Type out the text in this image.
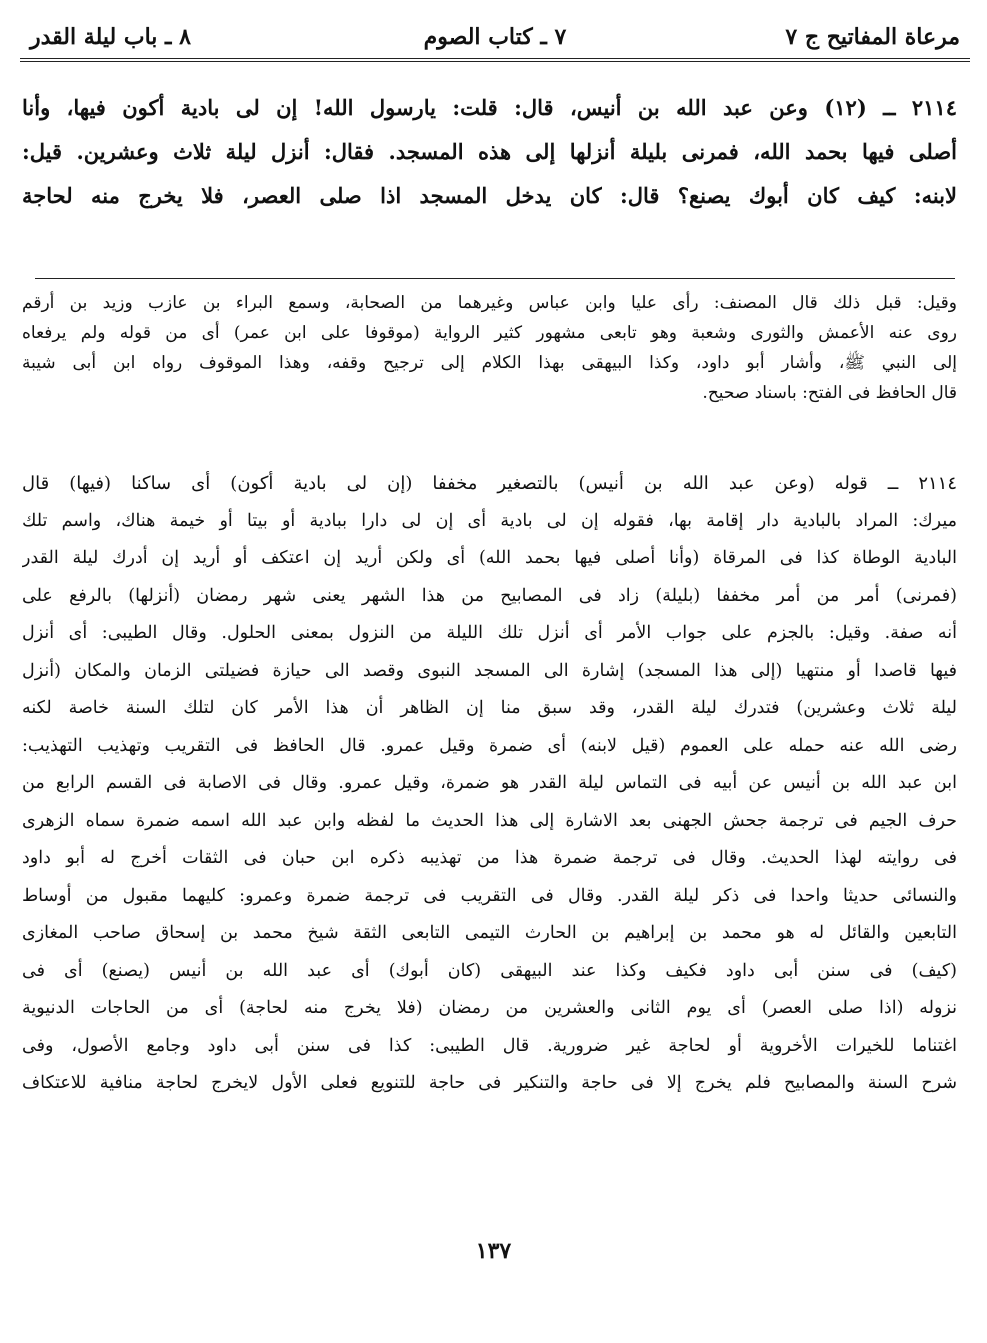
مرعاة المفاتيح ج ٧
٧ ـ كتاب الصوم
٨ ـ باب ليلة القدر

٢١١٤ ــ (١٢) وعن عبد الله بن أنيس، قال: قلت: يارسول الله! إن لى بادية أكون فيها، وأنا

أصلى فيها بحمد الله، فمرنى بليلة أنزلها إلى هذه المسجد. فقال: أنزل ليلة ثلاث وعشرين. قيل:

لابنه: كيف كان أبوك يصنع؟ قال: كان يدخل المسجد اذا صلى العصر، فلا يخرج منه لحاجة

وقيل: قبل ذلك قال المصنف: رأى عليا وابن عباس وغيرهما من الصحابة، وسمع البراء بن عازب وزيد بن أرقم

روى عنه الأعمش والثورى وشعبة وهو تابعى مشهور كثير الرواية (موقوفا على ابن عمر) أى من قوله ولم يرفعاه

إلى النبي ﷺ، وأشار أبو داود، وكذا البيهقى بهذا الكلام إلى ترجيح وقفه، وهذا الموقوف رواه ابن أبى شيبة

قال الحافظ فى الفتح: باسناد صحيح.

٢١١٤ ــ قوله (وعن عبد الله بن أنيس) بالتصغير مخففا (إن لى بادية أكون) أى ساكنا (فيها) قال

ميرك: المراد بالبادية دار إقامة بها، فقوله إن لى بادية أى إن لى دارا ببادية أو بيتا أو خيمة هناك، واسم تلك

البادية الوطاة كذا فى المرقاة (وأنا أصلى فيها بحمد الله) أى ولكن أريد إن اعتكف أو أريد إن أدرك ليلة القدر

(فمرنى) أمر من أمر مخففا (بليلة) زاد فى المصابيح من هذا الشهر يعنى شهر رمضان (أنزلها) بالرفع على

أنه صفة. وقيل: بالجزم على جواب الأمر أى أنزل تلك الليلة من النزول بمعنى الحلول. وقال الطيبى: أى أنزل

فيها قاصدا أو منتهيا (إلى هذا المسجد) إشارة الى المسجد النبوى وقصد الى حيازة فضيلتى الزمان والمكان (أنزل

ليلة ثلاث وعشرين) فتدرك ليلة القدر، وقد سبق منا إن الظاهر أن هذا الأمر كان لتلك السنة خاصة لكنه

رضى الله عنه حمله على العموم (قيل لابنه) أى ضمرة وقيل عمرو. قال الحافظ فى التقريب وتهذيب التهذيب:

ابن عبد الله بن أنيس عن أبيه فى التماس ليلة القدر هو ضمرة، وقيل عمرو. وقال فى الاصابة فى القسم الرابع من

حرف الجيم فى ترجمة جحش الجهنى بعد الاشارة إلى هذا الحديث ما لفظه وابن عبد الله اسمه ضمرة سماه الزهرى

فى روايته لهذا الحديث. وقال فى ترجمة ضمرة هذا من تهذيبه ذكره ابن حبان فى الثقات أخرج له أبو داود

والنسائى حديثا واحدا فى ذكر ليلة القدر. وقال فى التقريب فى ترجمة ضمرة وعمرو: كليهما مقبول من أوساط

التابعين والقائل له هو محمد بن إبراهيم بن الحارث التيمى التابعى الثقة شيخ محمد بن إسحاق صاحب المغازى

(كيف) فى سنن أبى داود فكيف وكذا عند البيهقى (كان أبوك) أى عبد الله بن أنيس (يصنع) أى فى

نزوله (اذا صلى العصر) أى يوم الثانى والعشرين من رمضان (فلا يخرج منه لحاجة) أى من الحاجات الدنيوية

اغتناما للخيرات الأخروية أو لحاجة غير ضرورية. قال الطيبى: كذا فى سنن أبى داود وجامع الأصول، وفى

شرح السنة والمصابيح فلم يخرج إلا فى حاجة والتنكير فى حاجة للتنويع فعلى الأول لايخرج لحاجة منافية للاعتكاف

١٣٧
